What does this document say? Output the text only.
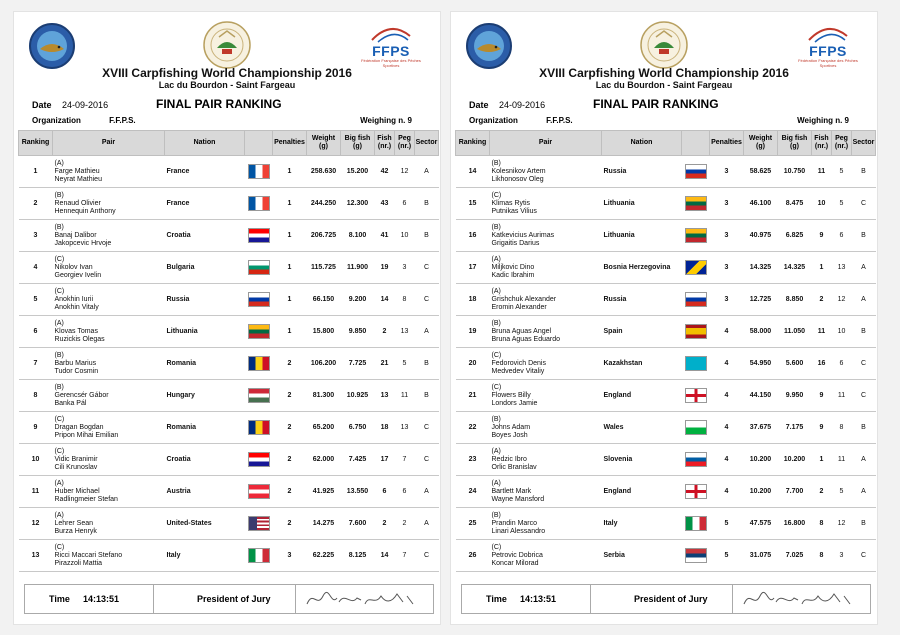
FFPS
Fédération Française des Pêches Sportives
XVIII Carpfishing World Championship 2016
Lac du Bourdon - Saint Fargeau
Date 24-09-2016	FINAL PAIR RANKING
Organization	F.F.P.S.	Weighing n. 9
Ranking	Pair	Nation		Penalties	Weight (g)	Big fish (g)	Fish (nr.)	Peg (nr.)	Sector
1	(A)
Farge Mathieu
Neyrat Mathieu	France		1	258.630	15.200	42	12	A
2	(B)
Renaud Olivier
Hennequin Anthony	France		1	244.250	12.300	43	6	B
3	(B)
Banaj Dalibor
Jakopcevic Hrvoje	Croatia		1	206.725	8.100	41	10	B
4	(C)
Nikolov Ivan
Georgiev Ivelin	Bulgaria		1	115.725	11.900	19	3	C
5	(C)
Anokhin Iurii
Anokhin Vitaly	Russia		1	66.150	9.200	14	8	C
6	(A)
Klovas Tomas
Ruzickis Olegas	Lithuania		1	15.800	9.850	2	13	A
7	(B)
Barbu Marius
Tudor Cosmin	Romania		2	106.200	7.725	21	5	B
8	(B)
Gerencsér Gábor
Banka Pál	Hungary		2	81.300	10.925	13	11	B
9	(C)
Dragan Bogdan
Pripon Mihai Emilian	Romania		2	65.200	6.750	18	13	C
10	(C)
Vidic Branimir
Cili Krunoslav	Croatia		2	62.000	7.425	17	7	C
11	(A)
Huber Michael
Radlingmeier Stefan	Austria		2	41.925	13.550	6	6	A
12	(A)
Lehrer Sean
Burza Henryk	United-States		2	14.275	7.600	2	2	A
13	(C)
Ricci Maccari Stefano
Pirazzoli Mattia	Italy		3	62.225	8.125	14	7	C
Time 14:13:51	President of Jury
FFPS
Fédération Française des Pêches Sportives
XVIII Carpfishing World Championship 2016
Lac du Bourdon - Saint Fargeau
Date 24-09-2016	FINAL PAIR RANKING
Organization	F.F.P.S.	Weighing n. 9
Ranking	Pair	Nation		Penalties	Weight (g)	Big fish (g)	Fish (nr.)	Peg (nr.)	Sector
14	(B)
Kolesnikov Artem
Likhonosov Oleg	Russia		3	58.625	10.750	11	5	B
15	(C)
Klimas Rytis
Putnikas Vilius	Lithuania		3	46.100	8.475	10	5	C
16	(B)
Katkevicius Aurimas
Grigaitis Darius	Lithuania		3	40.975	6.825	9	6	B
17	(A)
Miljkovic Dino
Kadic Ibrahim	Bosnia Herzegovina		3	14.325	14.325	1	13	A
18	(A)
Grishchuk Alexander
Eromin Alexander	Russia		3	12.725	8.850	2	12	A
19	(B)
Bruna Aguas Angel
Bruna Aguas Eduardo	Spain		4	58.000	11.050	11	10	B
20	(C)
Fedorovich Denis
Medvedev Vitaliy	Kazakhstan		4	54.950	5.600	16	6	C
21	(C)
Flowers Billy
Londors Jamie	England		4	44.150	9.950	9	11	C
22	(B)
Johns Adam
Boyes Josh	Wales		4	37.675	7.175	9	8	B
23	(A)
Redzic Ibro
Orlic Branislav	Slovenia		4	10.200	10.200	1	11	A
24	(A)
Bartlett Mark
Wayne Mansford	England		4	10.200	7.700	2	5	A
25	(B)
Prandin Marco
Linari Alessandro	Italy		5	47.575	16.800	8	12	B
26	(C)
Petrovic Dobrica
Koncar Milorad	Serbia		5	31.075	7.025	8	3	C
Time 14:13:51	President of Jury
